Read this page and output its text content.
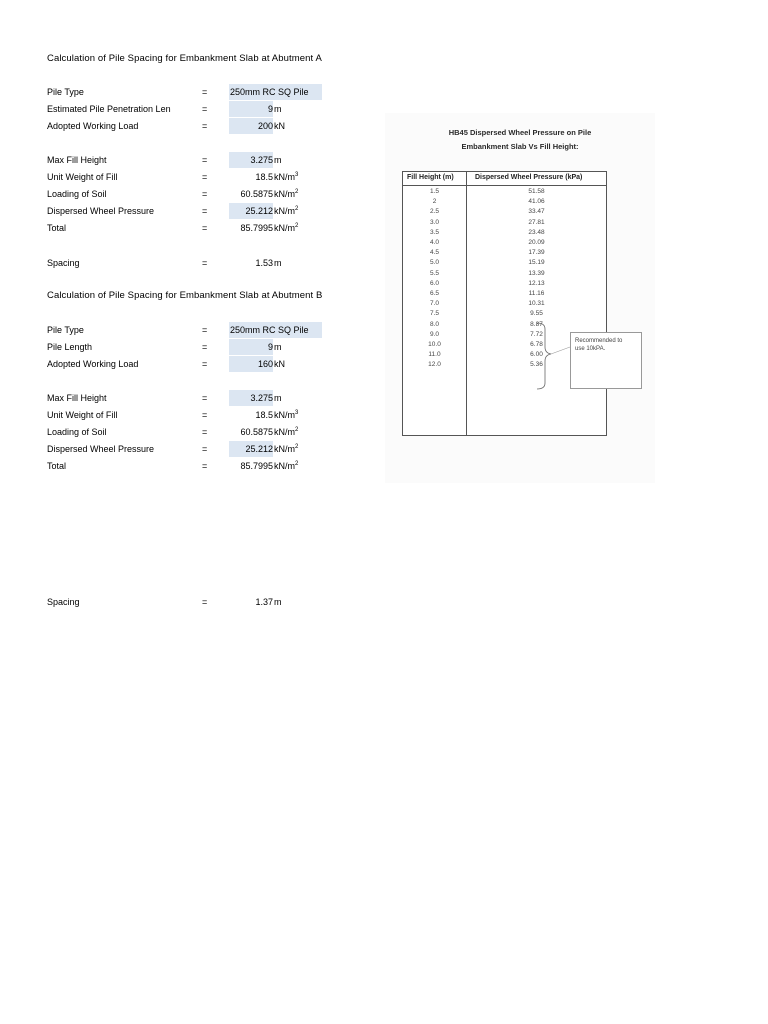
Calculation of Pile Spacing for Embankment Slab at Abutment A
Pile Type	=	250mm RC SQ Pile
Estimated Pile Penetration Len	=	9 m
Adopted Working Load	=	200 kN
Max Fill Height	=	3.275 m
Unit Weight of Fill	=	18.5 $kN/m^3$
Loading of Soil	=	60.5875 $kN/m^2$
Dispersed Wheel Pressure	=	25.212 $kN/m^2$
Total	=	85.7995 $kN/m^2$
Spacing	=	1.53 m
Calculation of Pile Spacing for Embankment Slab at Abutment B
Pile Type	=	250mm RC SQ Pile
Pile Length	=	9 m
Adopted Working Load	=	160 kN
Max Fill Height	=	3.275 m
Unit Weight of Fill	=	18.5 $kN/m^3$
Loading of Soil	=	60.5875 $kN/m^2$
Dispersed Wheel Pressure	=	25.212 $kN/m^2$
Total	=	85.7995 $kN/m^2$
Spacing	=	1.37 m
HB45 Dispersed Wheel Pressure on Pile
Embankment Slab Vs Fill Height:
Fill Height (m)	Dispersed Wheel Pressure (kPa)
1.5	51.58
2	41.06
2.5	33.47
3.0	27.81
3.5	23.48
4.0	20.09
4.5	17.39
5.0	15.19
5.5	13.39
6.0	12.13
6.5	11.16
7.0	10.31
7.5	9.55
8.0	8.87
9.0	7.72
10.0	6.78
11.0	6.00
12.0	5.36
Recommended to
use 10kPA.
